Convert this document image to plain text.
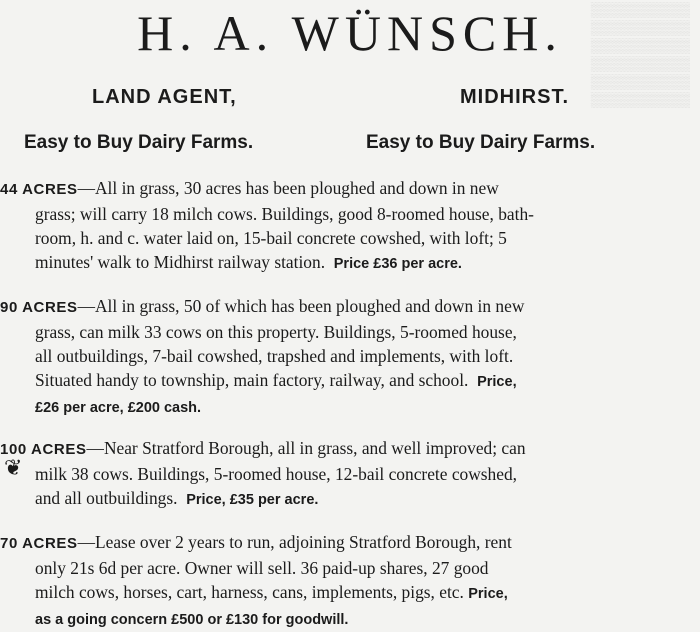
▒▒▒▒▒▒▒▒▒▒
▒▒▒▒▒▒▒▒▒▒
▒▒▒▒▒▒▒▒▒▒
▒▒▒▒▒▒▒▒▒▒
▒▒▒▒▒▒▒▒▒▒
▒▒▒▒▒▒▒▒▒▒
H. A. WÜNSCH.
LAND AGENT,	MIDHIRST.
Easy to Buy Dairy Farms.	Easy to Buy Dairy Farms.
44 ACRES—All in grass, 30 acres has been ploughed and down in new
grass; will carry 18 milch cows. Buildings, good 8-roomed house, bath-
room, h. and c. water laid on, 15-bail concrete cowshed, with loft; 5
minutes' walk to Midhirst railway station. Price £36 per acre.
90 ACRES—All in grass, 50 of which has been ploughed and down in new
grass, can milk 33 cows on this property. Buildings, 5-roomed house,
all outbuildings, 7-bail cowshed, trapshed and implements, with loft.
Situated handy to township, main factory, railway, and school. Price,
£26 per acre, £200 cash.
❦
100 ACRES—Near Stratford Borough, all in grass, and well improved; can
milk 38 cows. Buildings, 5-roomed house, 12-bail concrete cowshed,
and all outbuildings. Price, £35 per acre.
70 ACRES—Lease over 2 years to run, adjoining Stratford Borough, rent
only 21s 6d per acre. Owner will sell. 36 paid-up shares, 27 good
milch cows, horses, cart, harness, cans, implements, pigs, etc. Price,
as a going concern £500 or £130 for goodwill.
